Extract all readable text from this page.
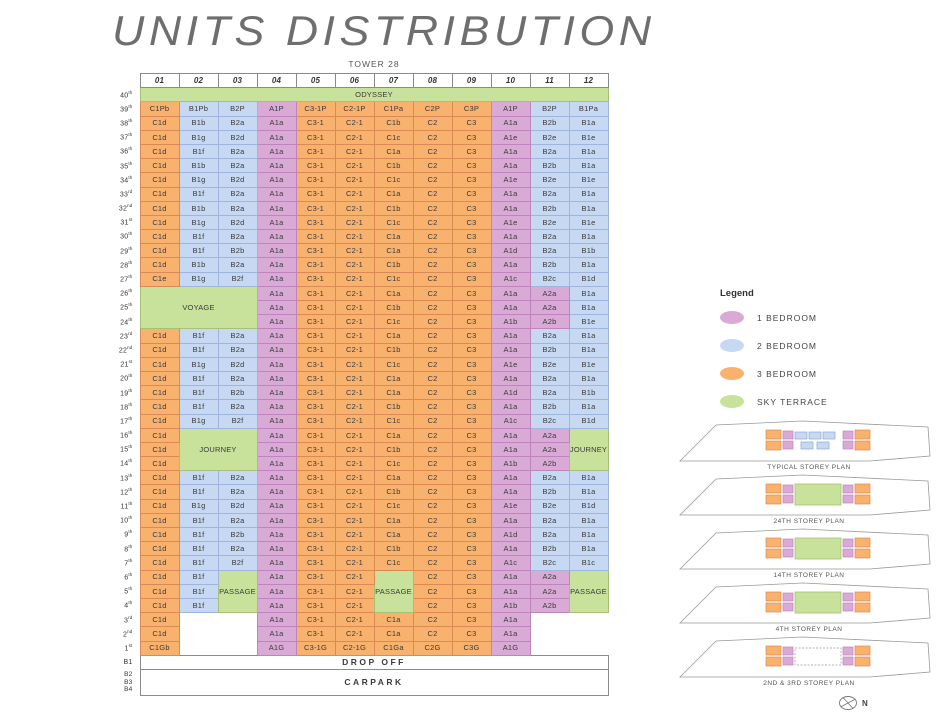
UNITS DISTRIBUTION
TOWER 28
	01	02	03	04	05	06	07	08	09	10	11	12
40th	ODYSSEY											
39th	C1Pb	B1Pb	B2P	A1P	C3-1P	C2-1P	C1Pa	C2P	C3P	A1P	B2P	B1Pa
38th	C1d	B1b	B2a	A1a	C3-1	C2-1	C1b	C2	C3	A1a	B2b	B1a
37th	C1d	B1g	B2d	A1a	C3-1	C2-1	C1c	C2	C3	A1e	B2e	B1e
36th	C1d	B1f	B2a	A1a	C3-1	C2-1	C1a	C2	C3	A1a	B2a	B1a
35th	C1d	B1b	B2a	A1a	C3-1	C2-1	C1b	C2	C3	A1a	B2b	B1a
34th	C1d	B1g	B2d	A1a	C3-1	C2-1	C1c	C2	C3	A1e	B2e	B1e
33rd	C1d	B1f	B2a	A1a	C3-1	C2-1	C1a	C2	C3	A1a	B2a	B1a
32nd	C1d	B1b	B2a	A1a	C3-1	C2-1	C1b	C2	C3	A1a	B2b	B1a
31st	C1d	B1g	B2d	A1a	C3-1	C2-1	C1c	C2	C3	A1e	B2e	B1e
30th	C1d	B1f	B2a	A1a	C3-1	C2-1	C1a	C2	C3	A1a	B2a	B1a
29th	C1d	B1f	B2b	A1a	C3-1	C2-1	C1a	C2	C3	A1d	B2a	B1b
28th	C1d	B1b	B2a	A1a	C3-1	C2-1	C1b	C2	C3	A1a	B2b	B1a
27th	C1e	B1g	B2f	A1a	C3-1	C2-1	C1c	C2	C3	A1c	B2c	B1d
26th	VOYAGE			A1a	C3-1	C2-1	C1a	C2	C3	A1a	A2a	B1a
25th				A1a	C3-1	C2-1	C1b	C2	C3	A1a	A2a	B1a
24th				A1a	C3-1	C2-1	C1c	C2	C3	A1b	A2b	B1e
23rd	C1d	B1f	B2a	A1a	C3-1	C2-1	C1a	C2	C3	A1a	B2a	B1a
22nd	C1d	B1f	B2a	A1a	C3-1	C2-1	C1b	C2	C3	A1a	B2b	B1a
21st	C1d	B1g	B2d	A1a	C3-1	C2-1	C1c	C2	C3	A1e	B2e	B1e
20th	C1d	B1f	B2a	A1a	C3-1	C2-1	C1a	C2	C3	A1a	B2a	B1a
19th	C1d	B1f	B2b	A1a	C3-1	C2-1	C1a	C2	C3	A1d	B2a	B1b
18th	C1d	B1f	B2a	A1a	C3-1	C2-1	C1b	C2	C3	A1a	B2b	B1a
17th	C1d	B1g	B2f	A1a	C3-1	C2-1	C1c	C2	C3	A1c	B2c	B1d
16th	C1d	JOURNEY		A1a	C3-1	C2-1	C1a	C2	C3	A1a	A2a	JOURNEY
15th	C1d			A1a	C3-1	C2-1	C1b	C2	C3	A1a	A2a	
14th	C1d			A1a	C3-1	C2-1	C1c	C2	C3	A1b	A2b	
13th	C1d	B1f	B2a	A1a	C3-1	C2-1	C1a	C2	C3	A1a	B2a	B1a
12th	C1d	B1f	B2a	A1a	C3-1	C2-1	C1b	C2	C3	A1a	B2b	B1a
11th	C1d	B1g	B2d	A1a	C3-1	C2-1	C1c	C2	C3	A1e	B2e	B1d
10th	C1d	B1f	B2a	A1a	C3-1	C2-1	C1a	C2	C3	A1a	B2a	B1a
9th	C1d	B1f	B2b	A1a	C3-1	C2-1	C1a	C2	C3	A1d	B2a	B1a
8th	C1d	B1f	B2a	A1a	C3-1	C2-1	C1b	C2	C3	A1a	B2b	B1a
7th	C1d	B1f	B2f	A1a	C3-1	C2-1	C1c	C2	C3	A1c	B2c	B1c
6th	C1d	B1f	PASSAGE	A1a	C3-1	C2-1	PASSAGE	C2	C3	A1a	A2a	PASSAGE
5th	C1d	B1f		A1a	C3-1	C2-1		C2	C3	A1a	A2a	
4th	C1d	B1f		A1a	C3-1	C2-1		C2	C3	A1b	A2b	
3rd	C1d			A1a	C3-1	C2-1	C1a	C2	C3	A1a		
2nd	C1d			A1a	C3-1	C2-1	C1a	C2	C3	A1a		
1st	C1Gb			A1G	C3-1G	C2-1G	C1Ga	C2G	C3G	A1G		
B1	DROP OFF											

B2
B3
B4	CARPARK											
Legend
1 BEDROOM
2 BEDROOM
3 BEDROOM
SKY TERRACE
TYPICAL STOREY PLAN
24TH STOREY PLAN
14TH STOREY PLAN
4TH STOREY PLAN
2ND & 3RD STOREY PLAN
N
